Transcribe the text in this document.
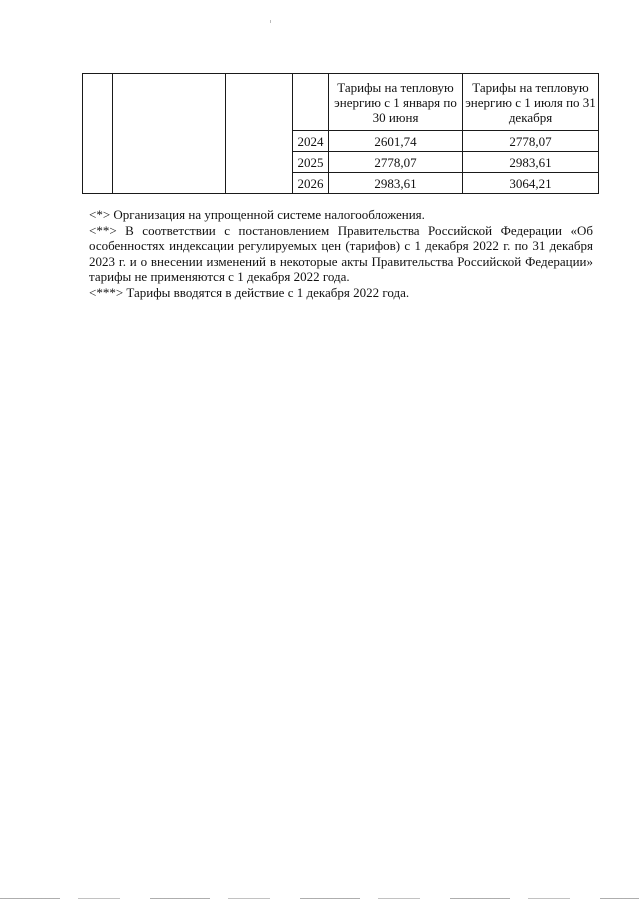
				Тарифы на тепловую энергию с 1 января по 30 июня	Тарифы на тепловую энергию с 1 июля по 31 декабря
			2024	2601,74	2778,07
			2025	2778,07	2983,61
			2026	2983,61	3064,21

<*> Организация на упрощенной системе налогообложения.

<**> В соответствии с постановлением Правительства Российской Федерации «Об особенностях индексации регулируемых цен (тарифов) с 1 декабря 2022 г. по 31 декабря 2023 г. и о внесении изменений в некоторые акты Правительства Российской Федерации» тарифы не применяются с 1 декабря 2022 года.

<***> Тарифы вводятся в действие с 1 декабря 2022 года.
